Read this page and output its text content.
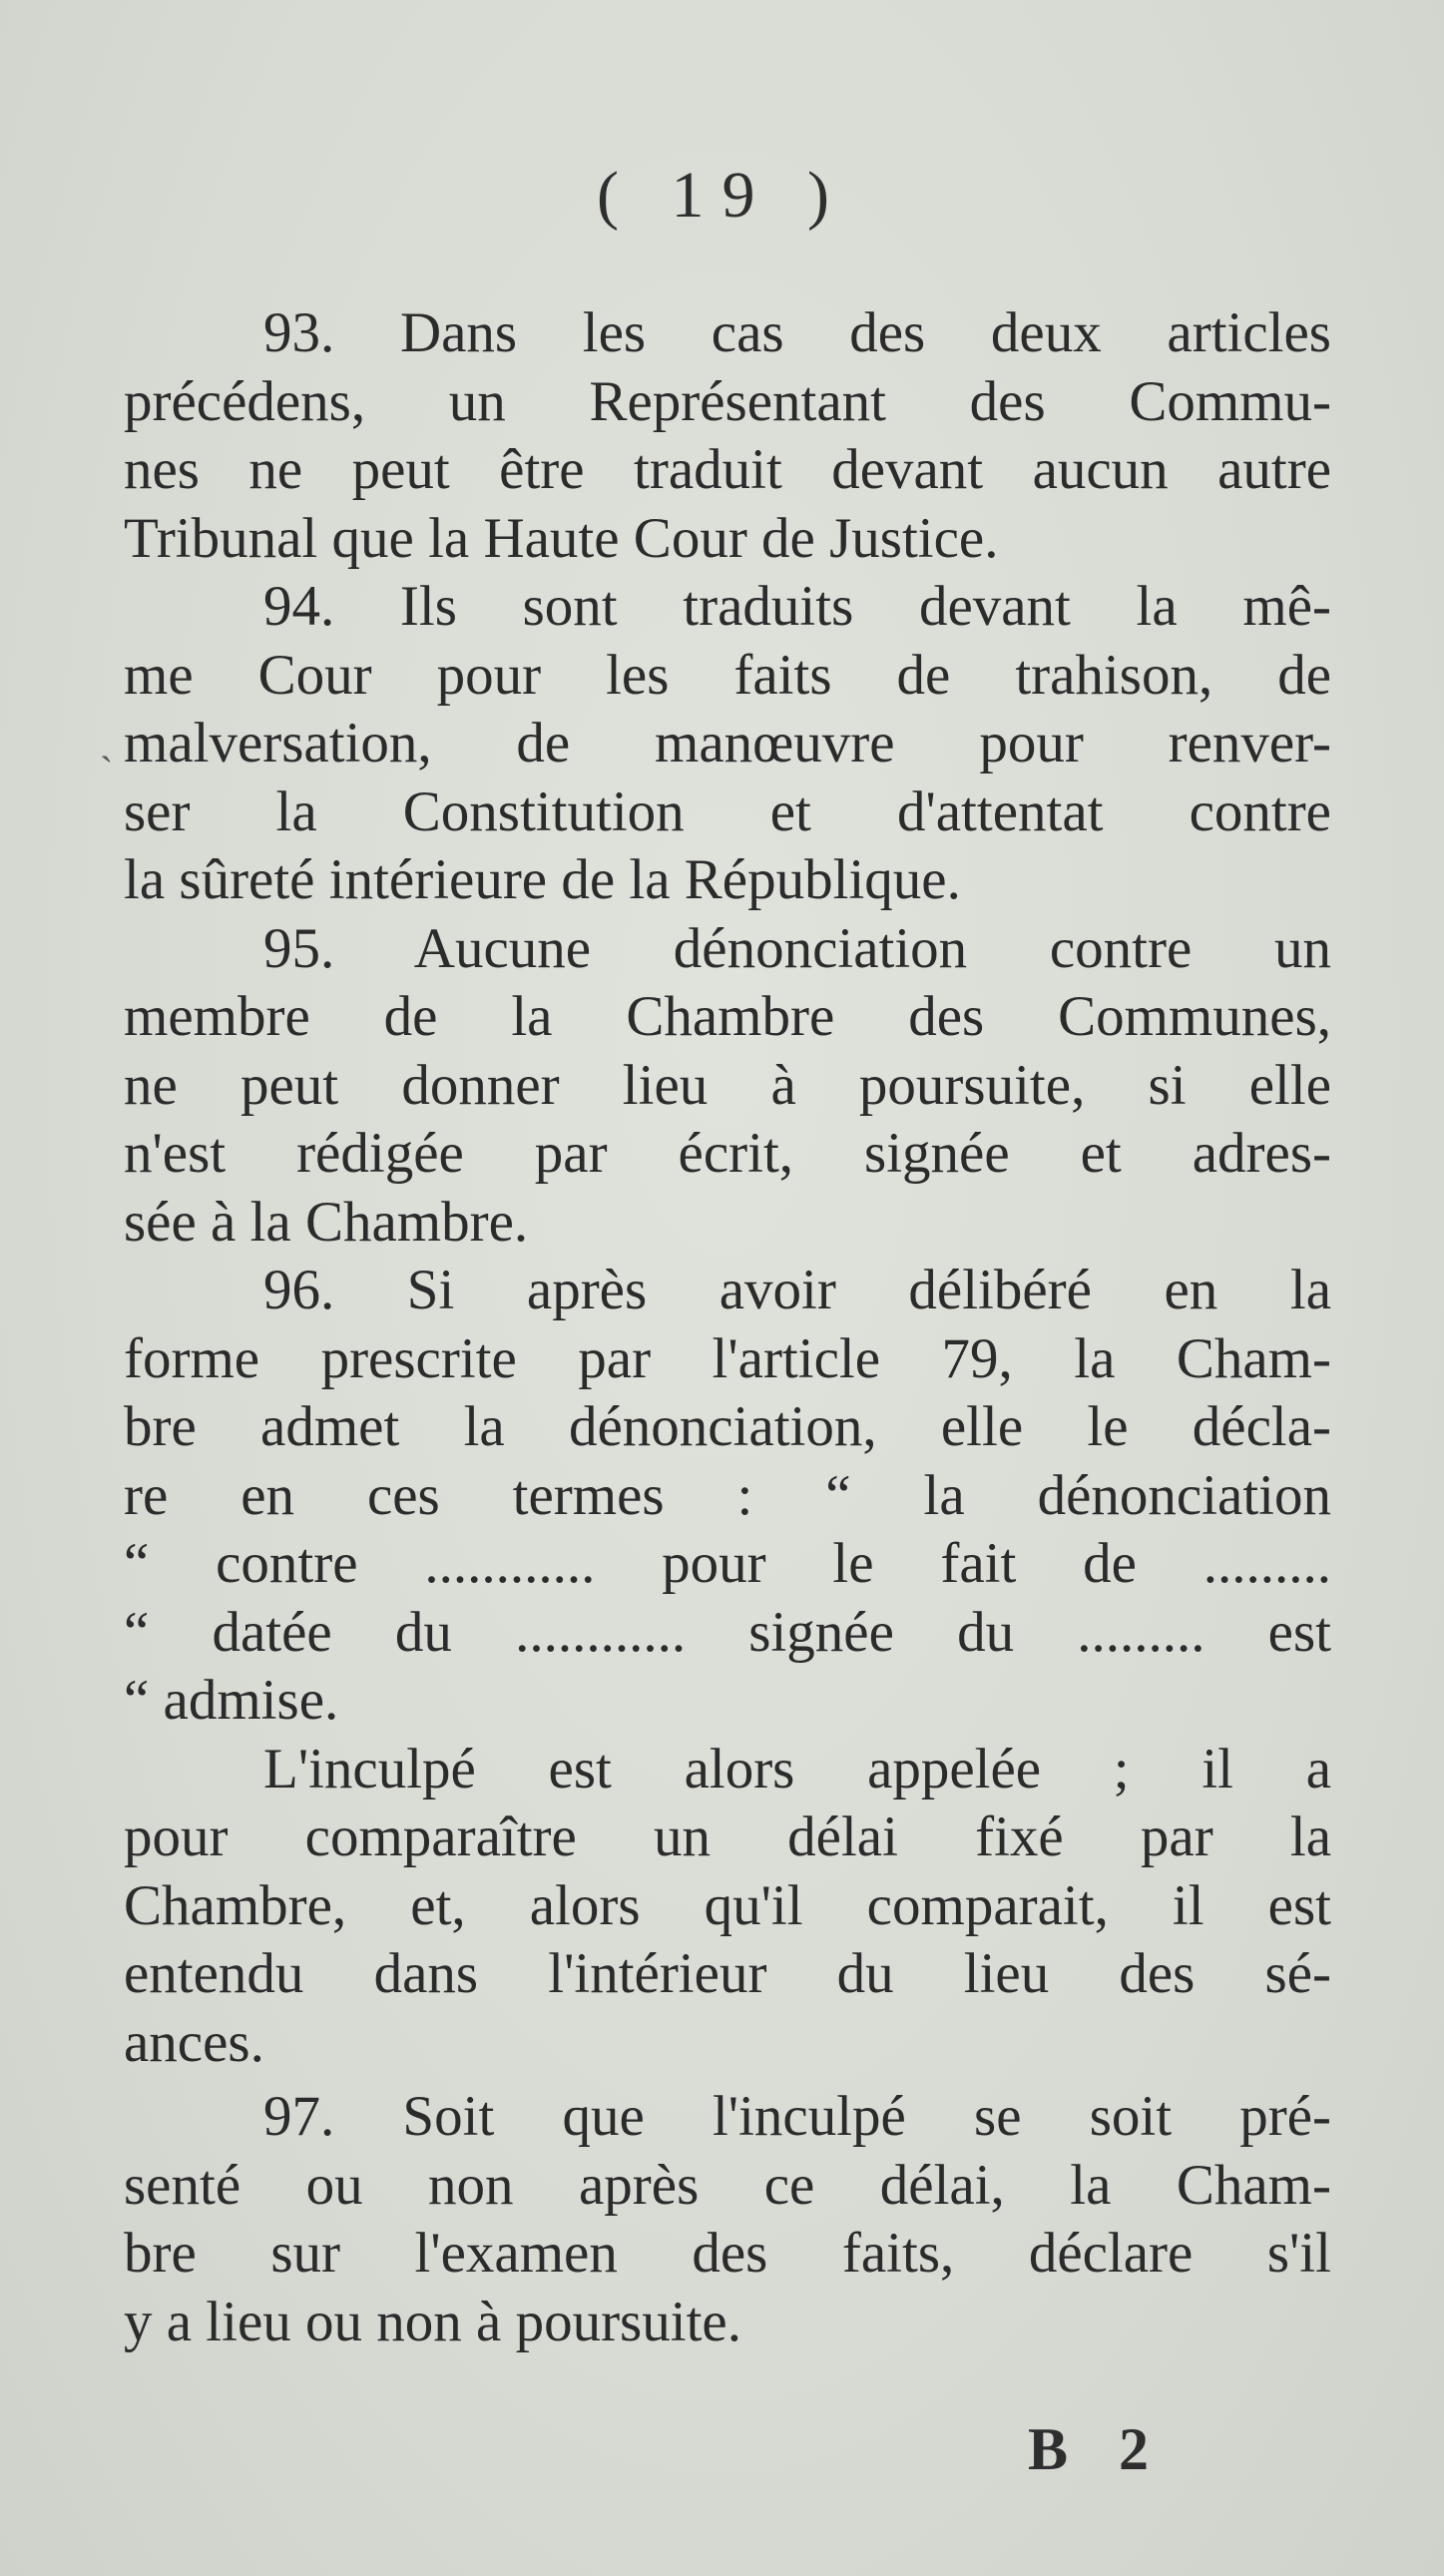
( 19 )
ˎ
93. Dans les cas des deux articles
précédens, un Représentant des Commu-
nes ne peut être traduit devant aucun autre
Tribunal que la Haute Cour de Justice.
94. Ils sont traduits devant la mê-
me Cour pour les faits de trahison, de
malversation, de manœuvre pour renver-
ser la Constitution et d'attentat contre
la sûreté intérieure de la République.
95. Aucune dénonciation contre un
membre de la Chambre des Communes,
ne peut donner lieu à poursuite, si elle
n'est rédigée par écrit, signée et adres-
sée à la Chambre.
96. Si après avoir délibéré en la
forme prescrite par l'article 79, la Cham-
bre admet la dénonciation, elle le décla-
re en ces termes : “ la dénonciation
“ contre ............ pour le fait de .........
“ datée du ............ signée du ......... est
“ admise.
L'inculpé est alors appelée ; il a
pour comparaître un délai fixé par la
Chambre, et, alors qu'il comparait, il est
entendu dans l'intérieur du lieu des sé-
ances.
97. Soit que l'inculpé se soit pré-
senté ou non après ce délai, la Cham-
bre sur l'examen des faits, déclare s'il
y a lieu ou non à poursuite.
B 2
